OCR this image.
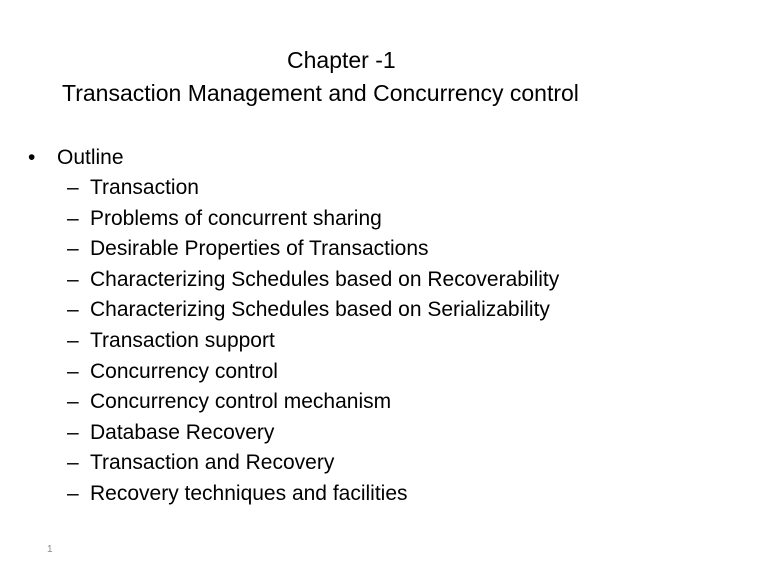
Chapter -1
Transaction Management and Concurrency control
• Outline
– Transaction
– Problems of concurrent sharing
– Desirable Properties of Transactions
– Characterizing Schedules based on Recoverability
– Characterizing Schedules based on Serializability
– Transaction support
– Concurrency control
– Concurrency control mechanism
– Database Recovery
– Transaction and Recovery
– Recovery techniques and facilities
1
